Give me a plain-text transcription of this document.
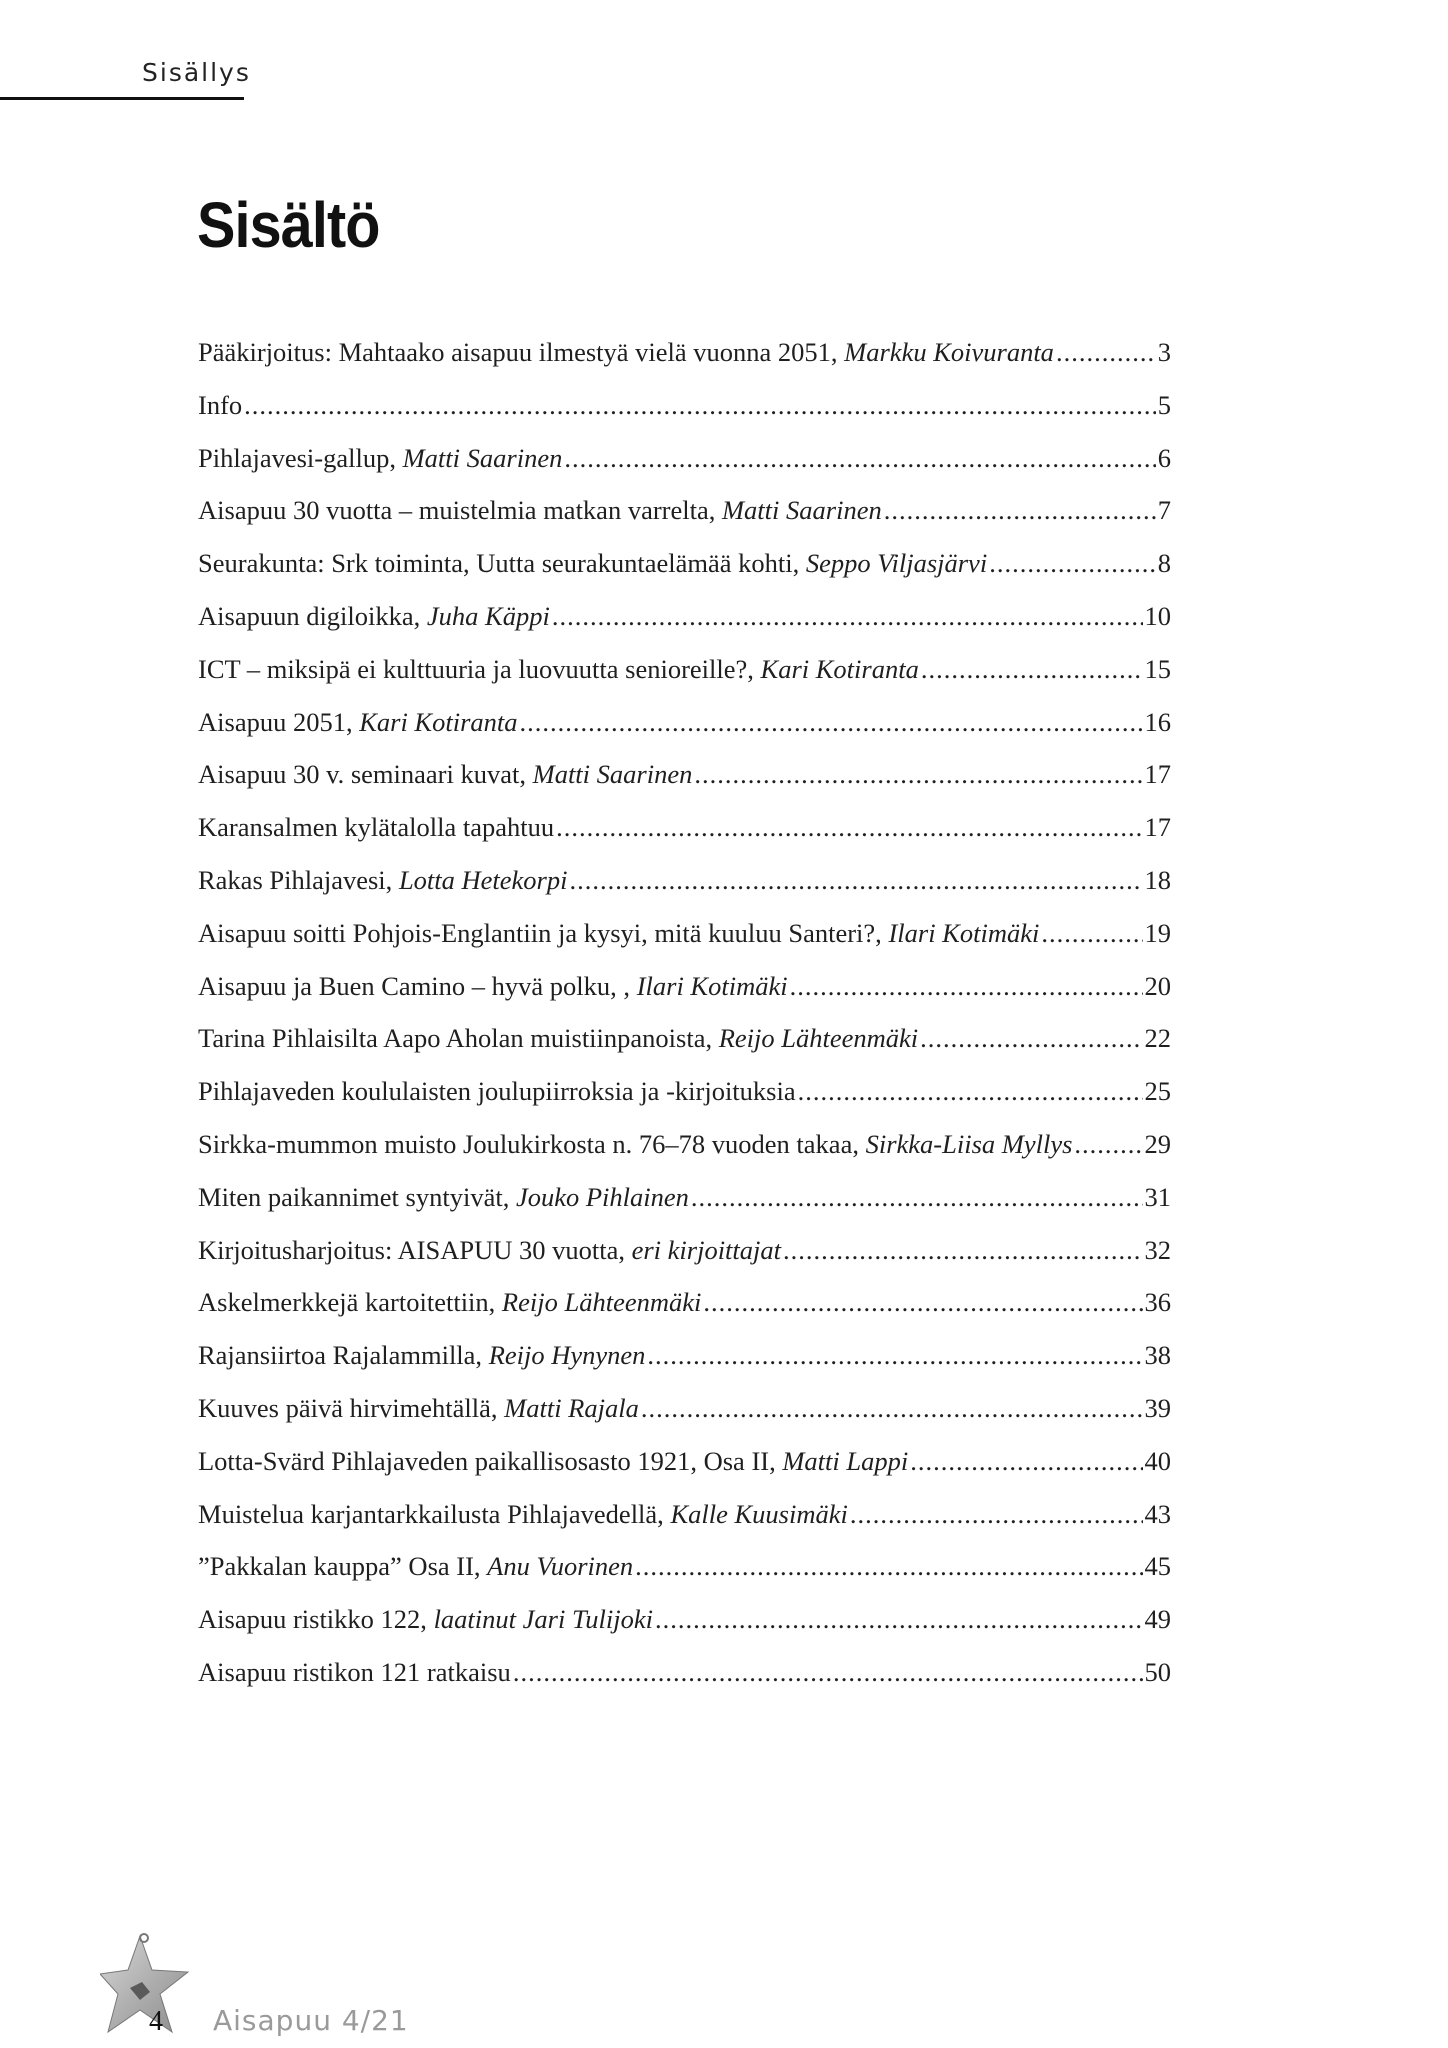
Sisällys
Sisältö
Pääkirjoitus: Mahtaako aisapuu ilmestyä vielä vuonna 2051, Markku Koivuranta .....	3
Info .....	5
Pihlajavesi-gallup, Matti Saarinen .....	6
Aisapuu 30 vuotta – muistelmia matkan varrelta, Matti Saarinen .....	7
Seurakunta: Srk toiminta, Uutta seurakuntaelämää kohti, Seppo Viljasjärvi .....	8
Aisapuun digiloikka, Juha Käppi .....	10
ICT – miksipä ei kulttuuria ja luovuutta senioreille?, Kari Kotiranta .....	15
Aisapuu 2051, Kari Kotiranta .....	16
Aisapuu 30 v. seminaari kuvat, Matti Saarinen .....	17
Karansalmen kylätalolla tapahtuu .....	17
Rakas Pihlajavesi, Lotta Hetekorpi .....	18
Aisapuu soitti Pohjois-Englantiin ja kysyi, mitä kuuluu Santeri?, Ilari Kotimäki .....	19
Aisapuu ja Buen Camino – hyvä polku, , Ilari Kotimäki .....	20
Tarina Pihlaisilta Aapo Aholan muistiinpanoista, Reijo Lähteenmäki .....	22
Pihlajaveden koululaisten joulupiirroksia ja -kirjoituksia .....	25
Sirkka-mummon muisto Joulukirkosta n. 76–78 vuoden takaa, Sirkka-Liisa Myllys .....	29
Miten paikannimet syntyivät, Jouko Pihlainen .....	31
Kirjoitusharjoitus: AISAPUU 30 vuotta, eri kirjoittajat .....	32
Askelmerkkejä kartoitettiin, Reijo Lähteenmäki .....	36
Rajansiirtoa Rajalammilla, Reijo Hynynen .....	38
Kuuves päivä hirvimehtällä, Matti Rajala .....	39
Lotta-Svärd Pihlajaveden paikallisosasto 1921, Osa II, Matti Lappi .....	40
Muistelua karjantarkkailusta Pihlajavedellä, Kalle Kuusimäki .....	43
”Pakkalan kauppa” Osa II, Anu Vuorinen .....	45
Aisapuu ristikko 122, laatinut Jari Tulijoki .....	49
Aisapuu ristikon 121 ratkaisu .....	50
4	Aisapuu 4/21
